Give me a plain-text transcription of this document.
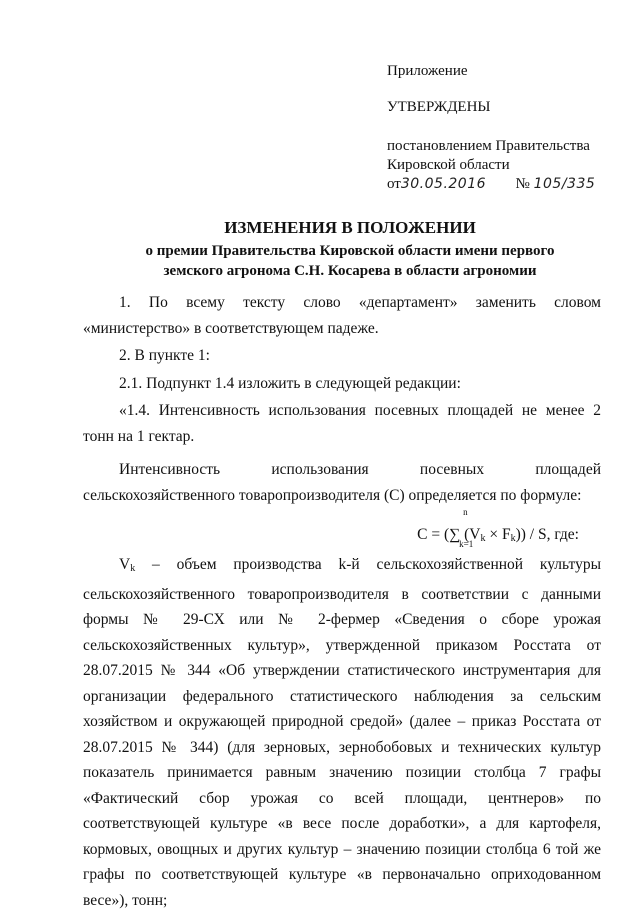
Приложение
УТВЕРЖДЕНЫ
постановлением Правительства
Кировской области
от30.05.2016 № 105/335

ИЗМЕНЕНИЯ В ПОЛОЖЕНИИ

о премии Правительства Кировской области имени первого

земского агронома С.Н. Косарева в области агрономии

1. По всему тексту слово «департамент» заменить словом «министерство» в соответствующем падеже.

2. В пункте 1:

2.1. Подпункт 1.4 изложить в следующей редакции:

«1.4. Интенсивность использования посевных площадей не менее 2 тонн на 1 гектар.

Интенсивность использования посевных площадей сельскохозяйственного товаропроизводителя (С) определяется по формуле:

С = (
n
∑
k=1
$(V_k \times F_k)) / S$, где:

$V_k$ – объем производства k-й сельскохозяйственной культуры сельскохозяйственного товаропроизводителя в соответствии с данными формы № 29-СХ или № 2-фермер «Сведения о сборе урожая сельскохозяйственных культур», утвержденной приказом Росстата от 28.07.2015 № 344 «Об утверждении статистического инструментария для организации федерального статистического наблюдения за сельским хозяйством и окружающей природной средой» (далее – приказ Росстата от 28.07.2015 № 344) (для зерновых, зернобобовых и технических культур показатель принимается равным значению позиции столбца 7 графы «Фактический сбор урожая со всей площади, центнеров» по соответствующей культуре «в весе после доработки», а для картофеля, кормовых, овощных и других культур – значению позиции столбца 6 той же графы по соответствующей культуре «в первоначально оприходованном весе»), тонн;
